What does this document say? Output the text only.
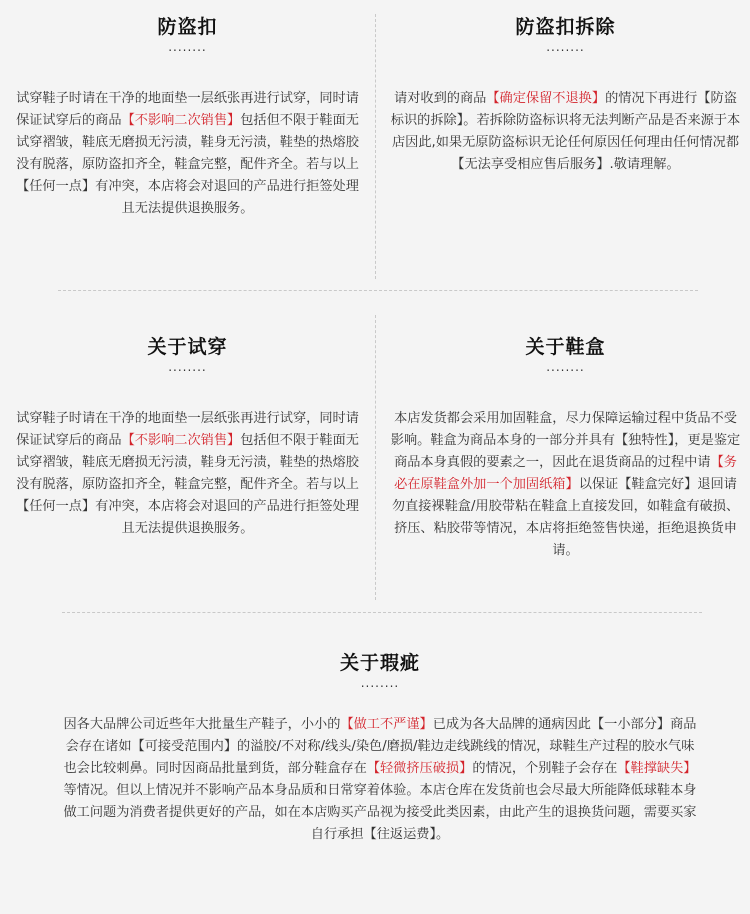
防盗扣
........
试穿鞋子时请在干净的地面垫一层纸张再进行试穿，同时请保证试穿后的商品【不影响二次销售】包括但不限于鞋面无试穿褶皱，鞋底无磨损无污渍，鞋身无污渍，鞋垫的热熔胶没有脱落，原防盗扣齐全，鞋盒完整，配件齐全。若与以上【任何一点】有冲突，本店将会对退回的产品进行拒签处理且无法提供退换服务。
防盗扣拆除
........
请对收到的商品【确定保留不退换】的情况下再进行【防盗标识的拆除】。若拆除防盗标识将无法判断产品是否来源于本店因此,如果无原防盗标识无论任何原因任何理由任何情况都【无法享受相应售后服务】.敬请理解。
关于试穿
........
试穿鞋子时请在干净的地面垫一层纸张再进行试穿，同时请保证试穿后的商品【不影响二次销售】包括但不限于鞋面无试穿褶皱，鞋底无磨损无污渍，鞋身无污渍，鞋垫的热熔胶没有脱落，原防盗扣齐全，鞋盒完整，配件齐全。若与以上【任何一点】有冲突，本店将会对退回的产品进行拒签处理且无法提供退换服务。
关于鞋盒
........
本店发货都会采用加固鞋盒，尽力保障运输过程中货品不受影响。鞋盒为商品本身的一部分并具有【独特性】，更是鉴定商品本身真假的要素之一，因此在退货商品的过程中请【务必在原鞋盒外加一个加固纸箱】以保证【鞋盒完好】退回请勿直接裸鞋盒/用胶带粘在鞋盒上直接发回，如鞋盒有破损、挤压、粘胶带等情况，本店将拒绝签售快递，拒绝退换货申请。
关于瑕疵
........
因各大品牌公司近些年大批量生产鞋子，小小的【做工不严谨】已成为各大品牌的通病因此【一小部分】商品会存在诸如【可接受范围内】的溢胶/不对称/线头/染色/磨损/鞋边走线跳线的情况，球鞋生产过程的胶水气味也会比较刺鼻。同时因商品批量到货，部分鞋盒存在【轻微挤压破损】的情况，个别鞋子会存在【鞋撑缺失】等情况。但以上情况并不影响产品本身品质和日常穿着体验。本店仓库在发货前也会尽最大所能降低球鞋本身做工问题为消费者提供更好的产品，如在本店购买产品视为接受此类因素，由此产生的退换货问题，需要买家自行承担【往返运费】。
